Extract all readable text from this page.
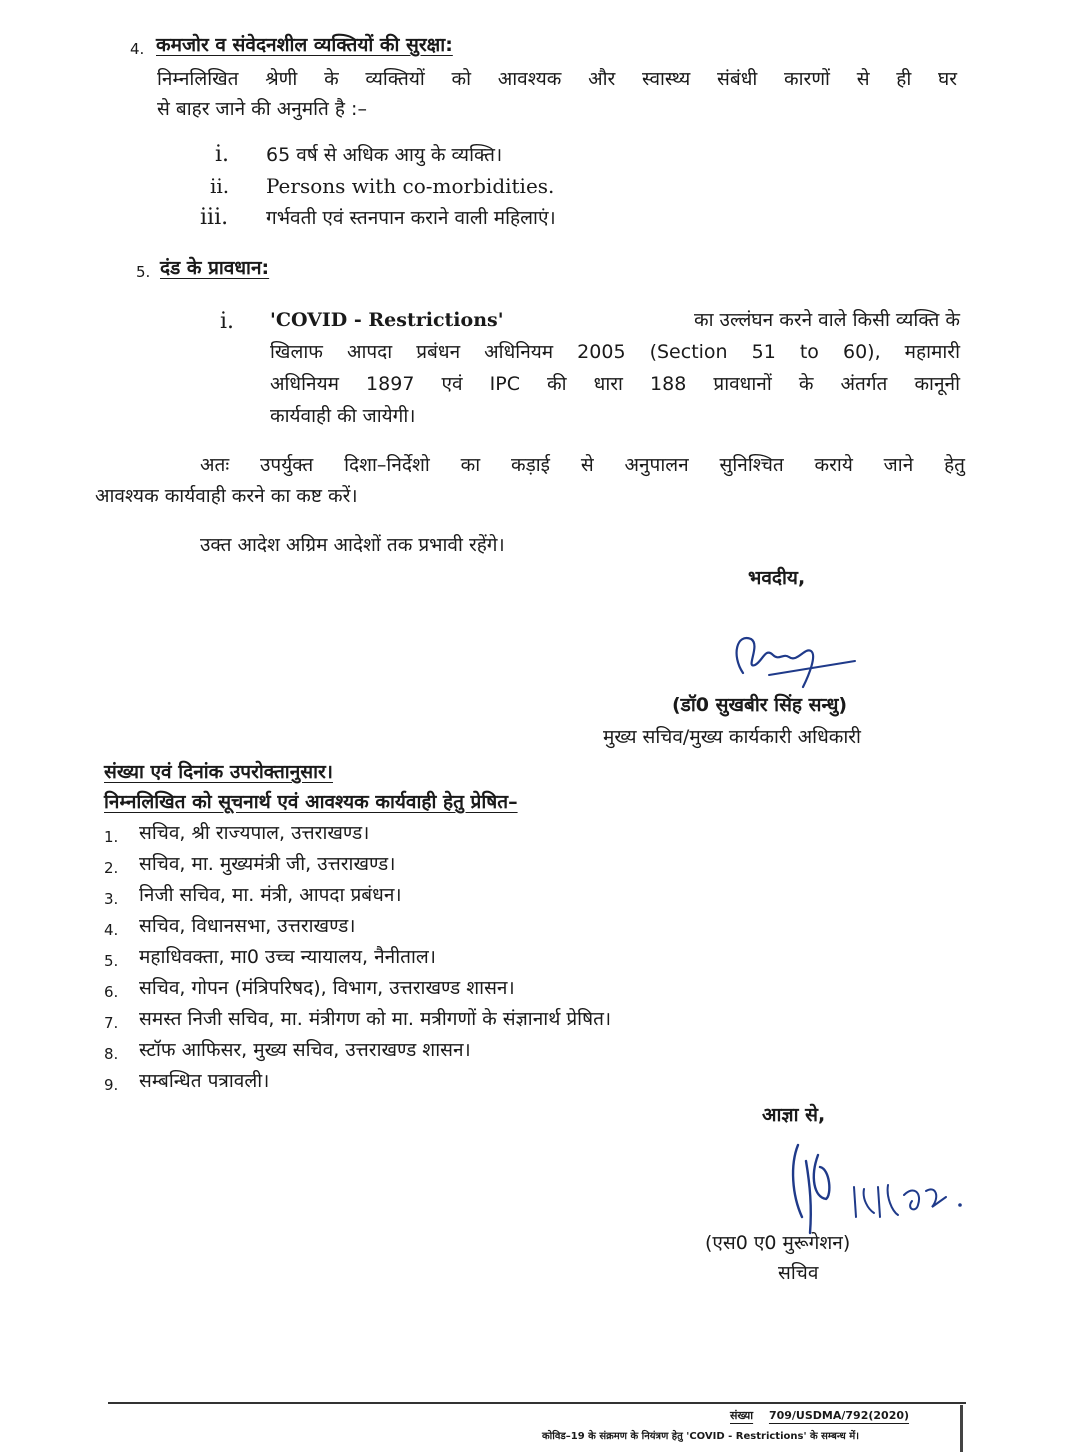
4. कमजोर व संवेदनशील व्यक्तियों की सुरक्षा:
निम्नलिखित श्रेणी के व्यक्तियों को आवश्यक और स्वास्थ्य संबंधी कारणों से ही घर
से बाहर जाने की अनुमति है :–
i. 65 वर्ष से अधिक आयु के व्यक्ति।
ii. Persons with co-morbidities.
iii. गर्भवती एवं स्तनपान कराने वाली महिलाएं।
5. दंड के प्रावधान:
i. 'COVID - Restrictions'	का उल्लंघन करने वाले किसी व्यक्ति के
खिलाफ आपदा प्रबंधन अधिनियम 2005 (Section 51 to 60), महामारी
अधिनियम 1897 एवं IPC की धारा 188 प्रावधानों के अंतर्गत कानूनी
कार्यवाही की जायेगी।
अतः उपर्युक्त दिशा–निर्देशो का कड़ाई से अनुपालन सुनिश्चित कराये जाने हेतु
आवश्यक कार्यवाही करने का कष्ट करें।
उक्त आदेश अग्रिम आदेशों तक प्रभावी रहेंगे।
भवदीय,
(डॉ0 सुखबीर सिंह सन्धु)
मुख्य सचिव/मुख्य कार्यकारी अधिकारी
संख्या एवं दिनांक उपरोक्तानुसार।
निम्नलिखित को सूचनार्थ एवं आवश्यक कार्यवाही हेतु प्रेषित–
1.	सचिव, श्री राज्यपाल, उत्तराखण्ड।
2.	सचिव, मा. मुख्यमंत्री जी, उत्तराखण्ड।
3.	निजी सचिव, मा. मंत्री, आपदा प्रबंधन।
4.	सचिव, विधानसभा, उत्तराखण्ड।
5.	महाधिवक्ता, मा0 उच्च न्यायालय, नैनीताल।
6.	सचिव, गोपन (मंत्रिपरिषद), विभाग, उत्तराखण्ड शासन।
7.	समस्त निजी सचिव, मा. मंत्रीगण को मा. मत्रीगणों के संज्ञानार्थ प्रेषित।
8.	स्टॉफ आफिसर, मुख्य सचिव, उत्तराखण्ड शासन।
9.	सम्बन्धित पत्रावली।
आज्ञा से,
(एस0 ए0 मुरूगेशन)
सचिव
संख्या 709/USDMA/792(2020)
कोविड–19 के संक्रमण के नियंत्रण हेतु 'COVID - Restrictions' के सम्बन्ध में।
